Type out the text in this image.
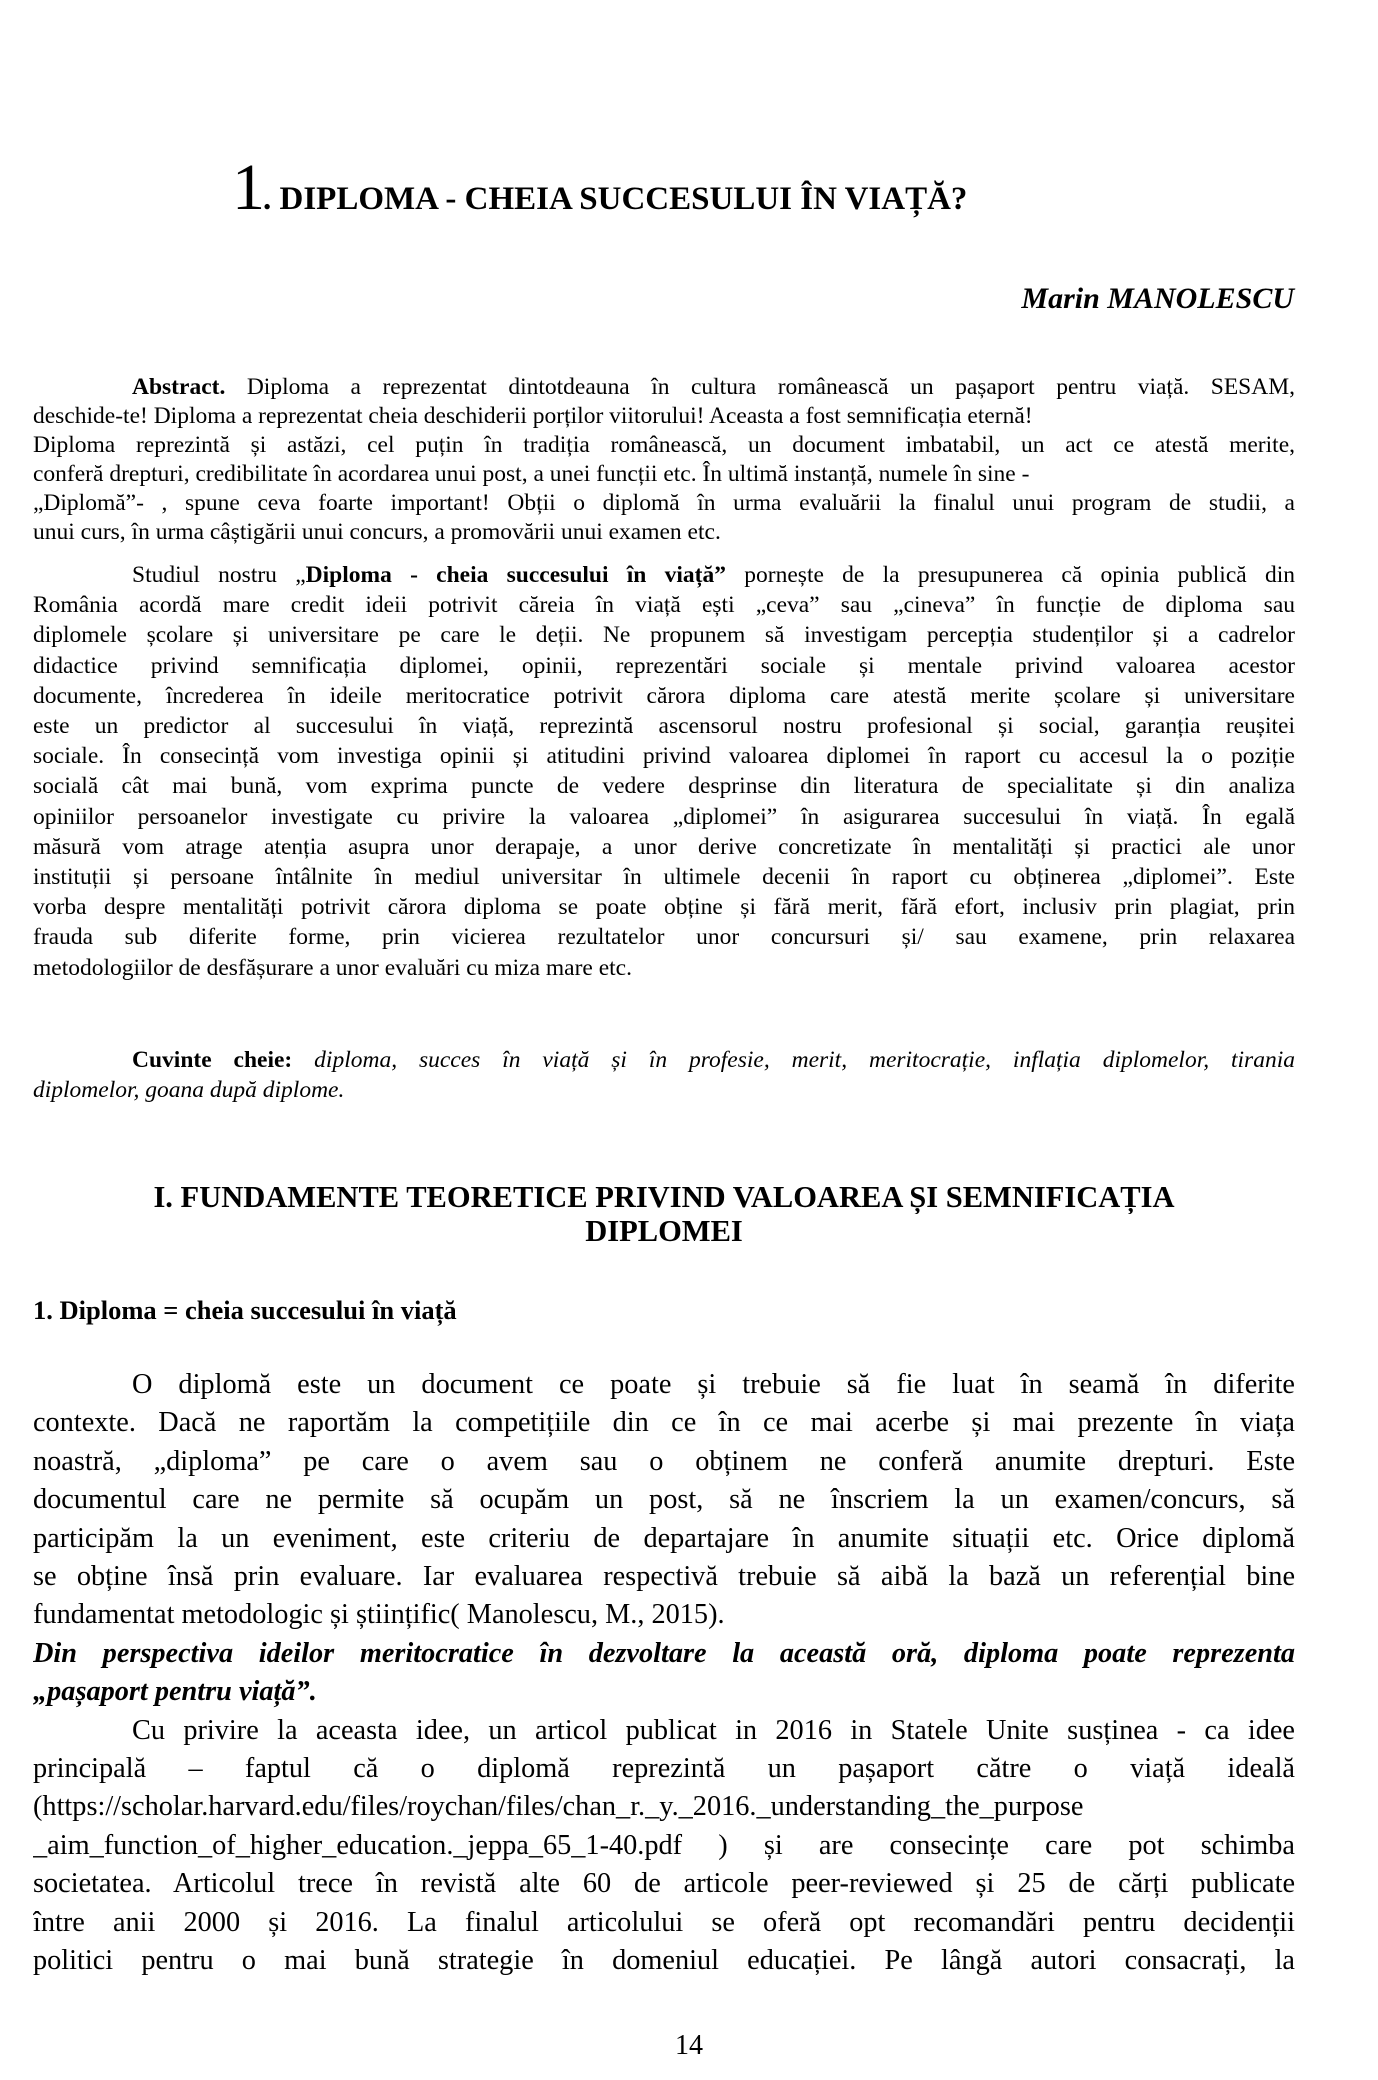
1. DIPLOMA - CHEIA SUCCESULUI ÎN VIAȚĂ?
Marin MANOLESCU
Abstract. Diploma a reprezentat dintotdeauna în cultura românească un pașaport pentru viață. SESAM,
deschide-te! Diploma a reprezentat cheia deschiderii porților viitorului! Aceasta a fost semnificația eternă!
Diploma reprezintă și astăzi, cel puțin în tradiția românească, un document imbatabil, un act ce atestă merite,
conferă drepturi, credibilitate în acordarea unui post, a unei funcții etc. În ultimă instanță, numele în sine -
„Diplomă”- , spune ceva foarte important! Obții o diplomă în urma evaluării la finalul unui program de studii, a
unui curs, în urma câștigării unui concurs, a promovării unui examen etc.
Studiul nostru „Diploma - cheia succesului în viață” pornește de la presupunerea că opinia publică din
România acordă mare credit ideii potrivit căreia în viață ești „ceva” sau „cineva” în funcție de diploma sau
diplomele școlare și universitare pe care le deții. Ne propunem să investigam percepția studenților și a cadrelor
didactice privind semnificația diplomei, opinii, reprezentări sociale și mentale privind valoarea acestor
documente, încrederea în ideile meritocratice potrivit cărora diploma care atestă merite școlare și universitare
este un predictor al succesului în viață, reprezintă ascensorul nostru profesional și social, garanția reușitei
sociale. În consecință vom investiga opinii și atitudini privind valoarea diplomei în raport cu accesul la o poziție
socială cât mai bună, vom exprima puncte de vedere desprinse din literatura de specialitate și din analiza
opiniilor persoanelor investigate cu privire la valoarea „diplomei” în asigurarea succesului în viață. În egală
măsură vom atrage atenția asupra unor derapaje, a unor derive concretizate în mentalități și practici ale unor
instituții și persoane întâlnite în mediul universitar în ultimele decenii în raport cu obținerea „diplomei”. Este
vorba despre mentalități potrivit cărora diploma se poate obține și fără merit, fără efort, inclusiv prin plagiat, prin
frauda sub diferite forme, prin vicierea rezultatelor unor concursuri și/ sau examene, prin relaxarea
metodologiilor de desfășurare a unor evaluări cu miza mare etc.
Cuvinte cheie: diploma, succes în viață și în profesie, merit, meritocrație, inflația diplomelor, tirania
diplomelor, goana după diplome.
I. FUNDAMENTE TEORETICE PRIVIND VALOAREA ȘI SEMNIFICAȚIA
DIPLOMEI
1. Diploma = cheia succesului în viață
O diplomă este un document ce poate și trebuie să fie luat în seamă în diferite
contexte. Dacă ne raportăm la competițiile din ce în ce mai acerbe și mai prezente în viața
noastră, „diploma” pe care o avem sau o obținem ne conferă anumite drepturi. Este
documentul care ne permite să ocupăm un post, să ne înscriem la un examen/concurs, să
participăm la un eveniment, este criteriu de departajare în anumite situații etc. Orice diplomă
se obține însă prin evaluare. Iar evaluarea respectivă trebuie să aibă la bază un referențial bine
fundamentat metodologic și științific( Manolescu, M., 2015).
Din perspectiva ideilor meritocratice în dezvoltare la această oră, diploma poate reprezenta
„pașaport pentru viață”.
Cu privire la aceasta idee, un articol publicat in 2016 in Statele Unite susținea - ca idee
principală – faptul că o diplomă reprezintă un pașaport către o viață ideală
(https://scholar.harvard.edu/files/roychan/files/chan_r._y._2016._understanding_the_purpose
_aim_function_of_higher_education._jeppa_65_1-40.pdf ) și are consecințe care pot schimba
societatea. Articolul trece în revistă alte 60 de articole peer-reviewed și 25 de cărți publicate
între anii 2000 și 2016. La finalul articolului se oferă opt recomandări pentru decidenții
politici pentru o mai bună strategie în domeniul educației. Pe lângă autori consacrați, la
14
